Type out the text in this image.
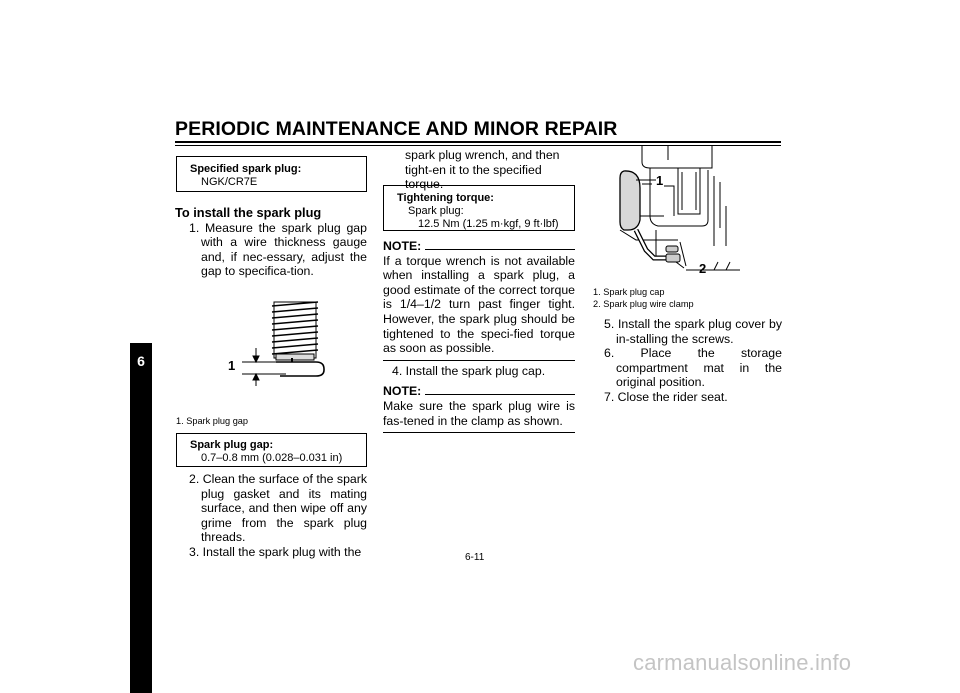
PERIODIC MAINTENANCE AND MINOR REPAIR
6
Specified spark plug:
NGK/CR7E
To install the spark plug
1. Measure the spark plug gap with a wire thickness gauge and, if nec-essary, adjust the gap to specifica-tion.
1
1. Spark plug gap
Spark plug gap:
0.7–0.8 mm (0.028–0.031 in)
2. Clean the surface of the spark plug gasket and its mating surface, and then wipe off any grime from the spark plug threads.
3. Install the spark plug with the
spark plug wrench, and then tight-en it to the specified torque.
Tightening torque:
Spark plug:
12.5 Nm (1.25 m·kgf, 9 ft·lbf)
NOTE:
If a torque wrench is not available when installing a spark plug, a good estimate of the correct torque is 1/4–1/2 turn past finger tight. However, the spark plug should be tightened to the speci-fied torque as soon as possible.
4. Install the spark plug cap.
NOTE:
Make sure the spark plug wire is fas-tened in the clamp as shown.
1
2
1. Spark plug cap
2. Spark plug wire clamp
5. Install the spark plug cover by in-stalling the screws.
6. Place the storage compartment mat in the original position.
7. Close the rider seat.
6-11
carmanualsonline.info
